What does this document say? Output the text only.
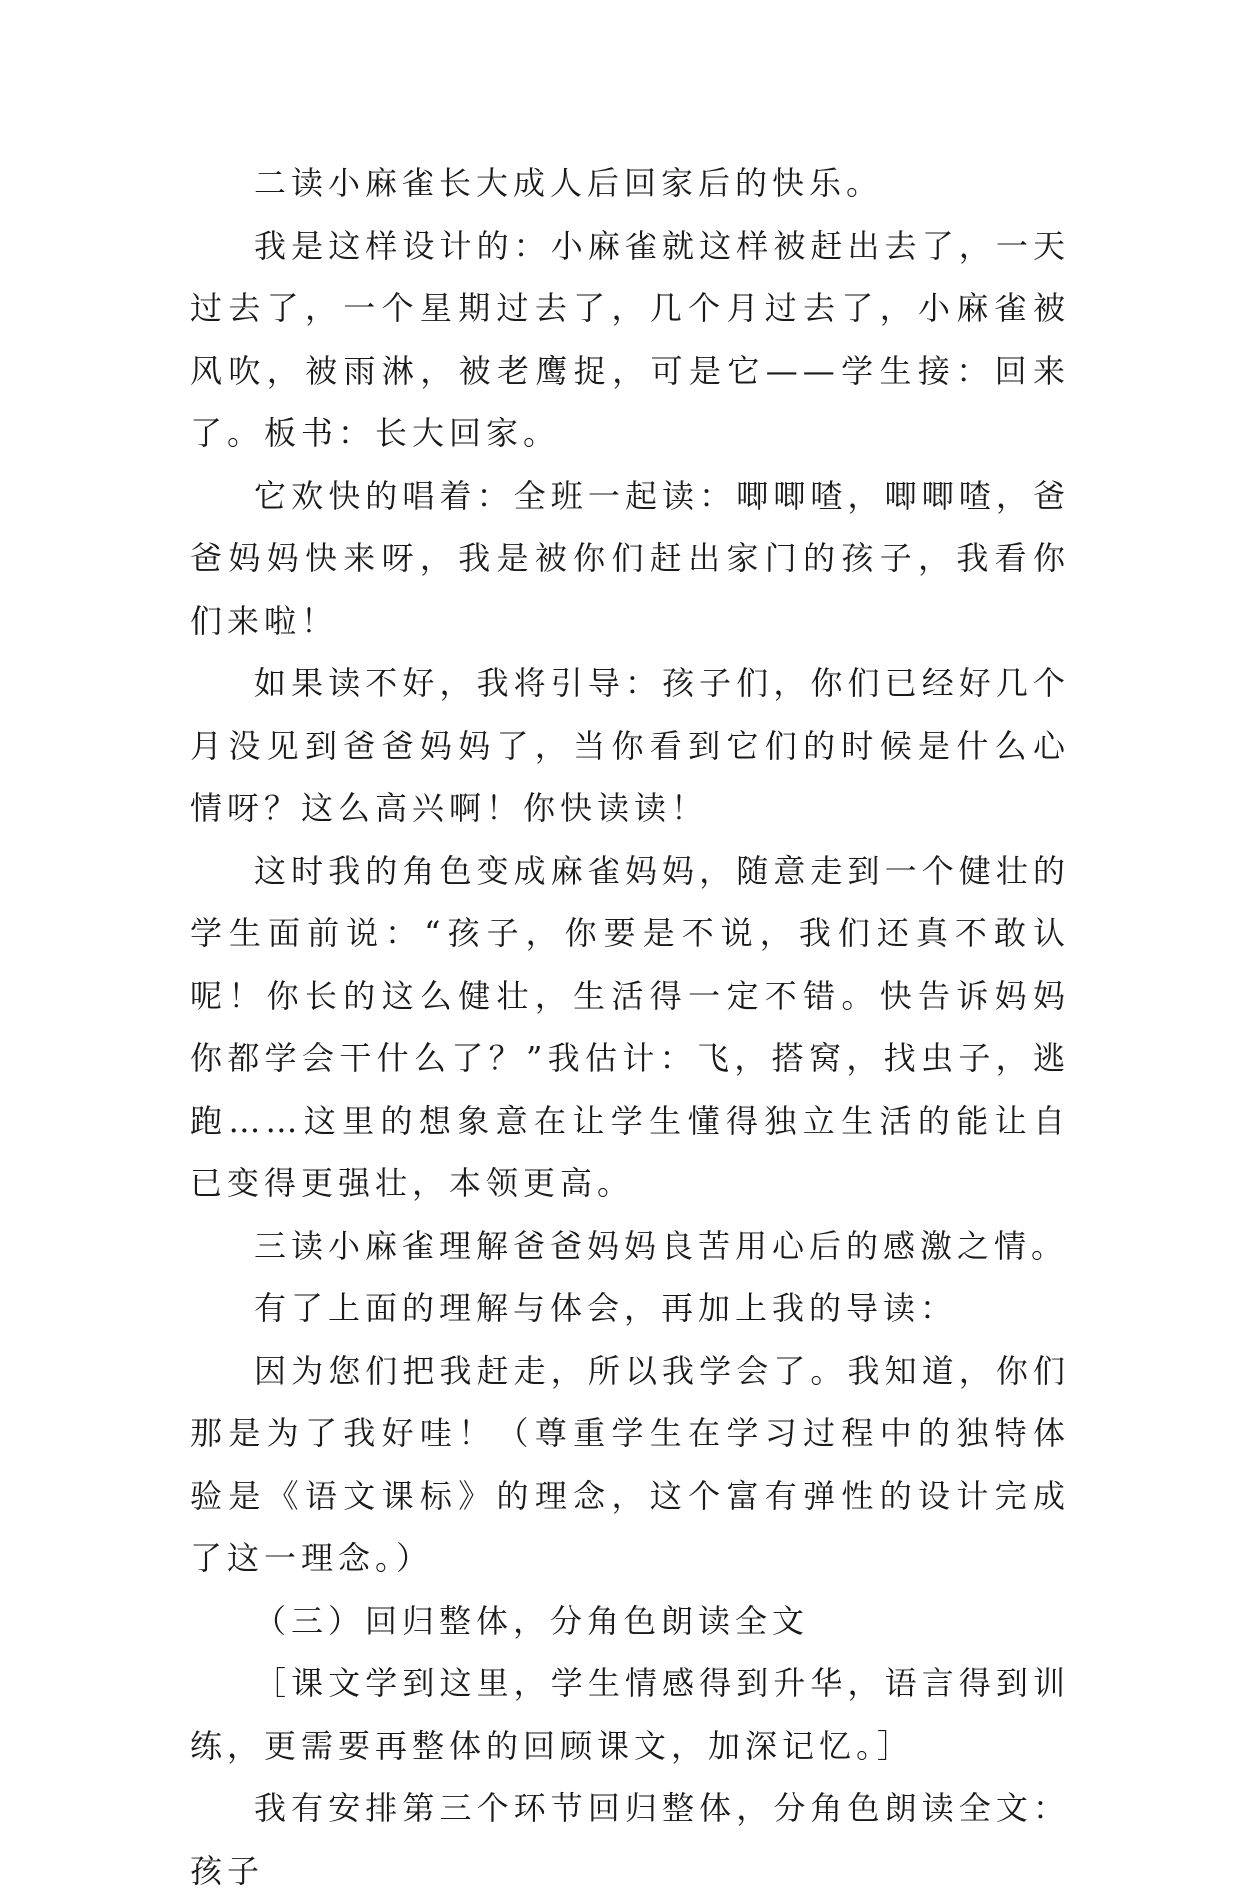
二读小麻雀长大成人后回家后的快乐。

我是这样设计的：小麻雀就这样被赶出去了，一天过去了，一个星期过去了，几个月过去了，小麻雀被风吹，被雨淋，被老鹰捉，可是它——学生接：回来了。板书：长大回家。

它欢快的唱着：全班一起读：唧唧喳，唧唧喳，爸爸妈妈快来呀，我是被你们赶出家门的孩子，我看你们来啦！

如果读不好，我将引导：孩子们，你们已经好几个月没见到爸爸妈妈了，当你看到它们的时候是什么心情呀？这么高兴啊！你快读读！

这时我的角色变成麻雀妈妈，随意走到一个健壮的学生面前说：“孩子，你要是不说，我们还真不敢认呢！你长的这么健壮，生活得一定不错。快告诉妈妈你都学会干什么了？”我估计：飞，搭窝，找虫子，逃跑……这里的想象意在让学生懂得独立生活的能让自已变得更强壮，本领更高。

三读小麻雀理解爸爸妈妈良苦用心后的感激之情。

有了上面的理解与体会，再加上我的导读：

因为您们把我赶走，所以我学会了。我知道，你们那是为了我好哇！（尊重学生在学习过程中的独特体验是《语文课标》的理念，这个富有弹性的设计完成了这一理念。）

（三）回归整体，分角色朗读全文

［课文学到这里，学生情感得到升华，语言得到训练，更需要再整体的回顾课文，加深记忆。］

我有安排第三个环节回归整体，分角色朗读全文：孩子
